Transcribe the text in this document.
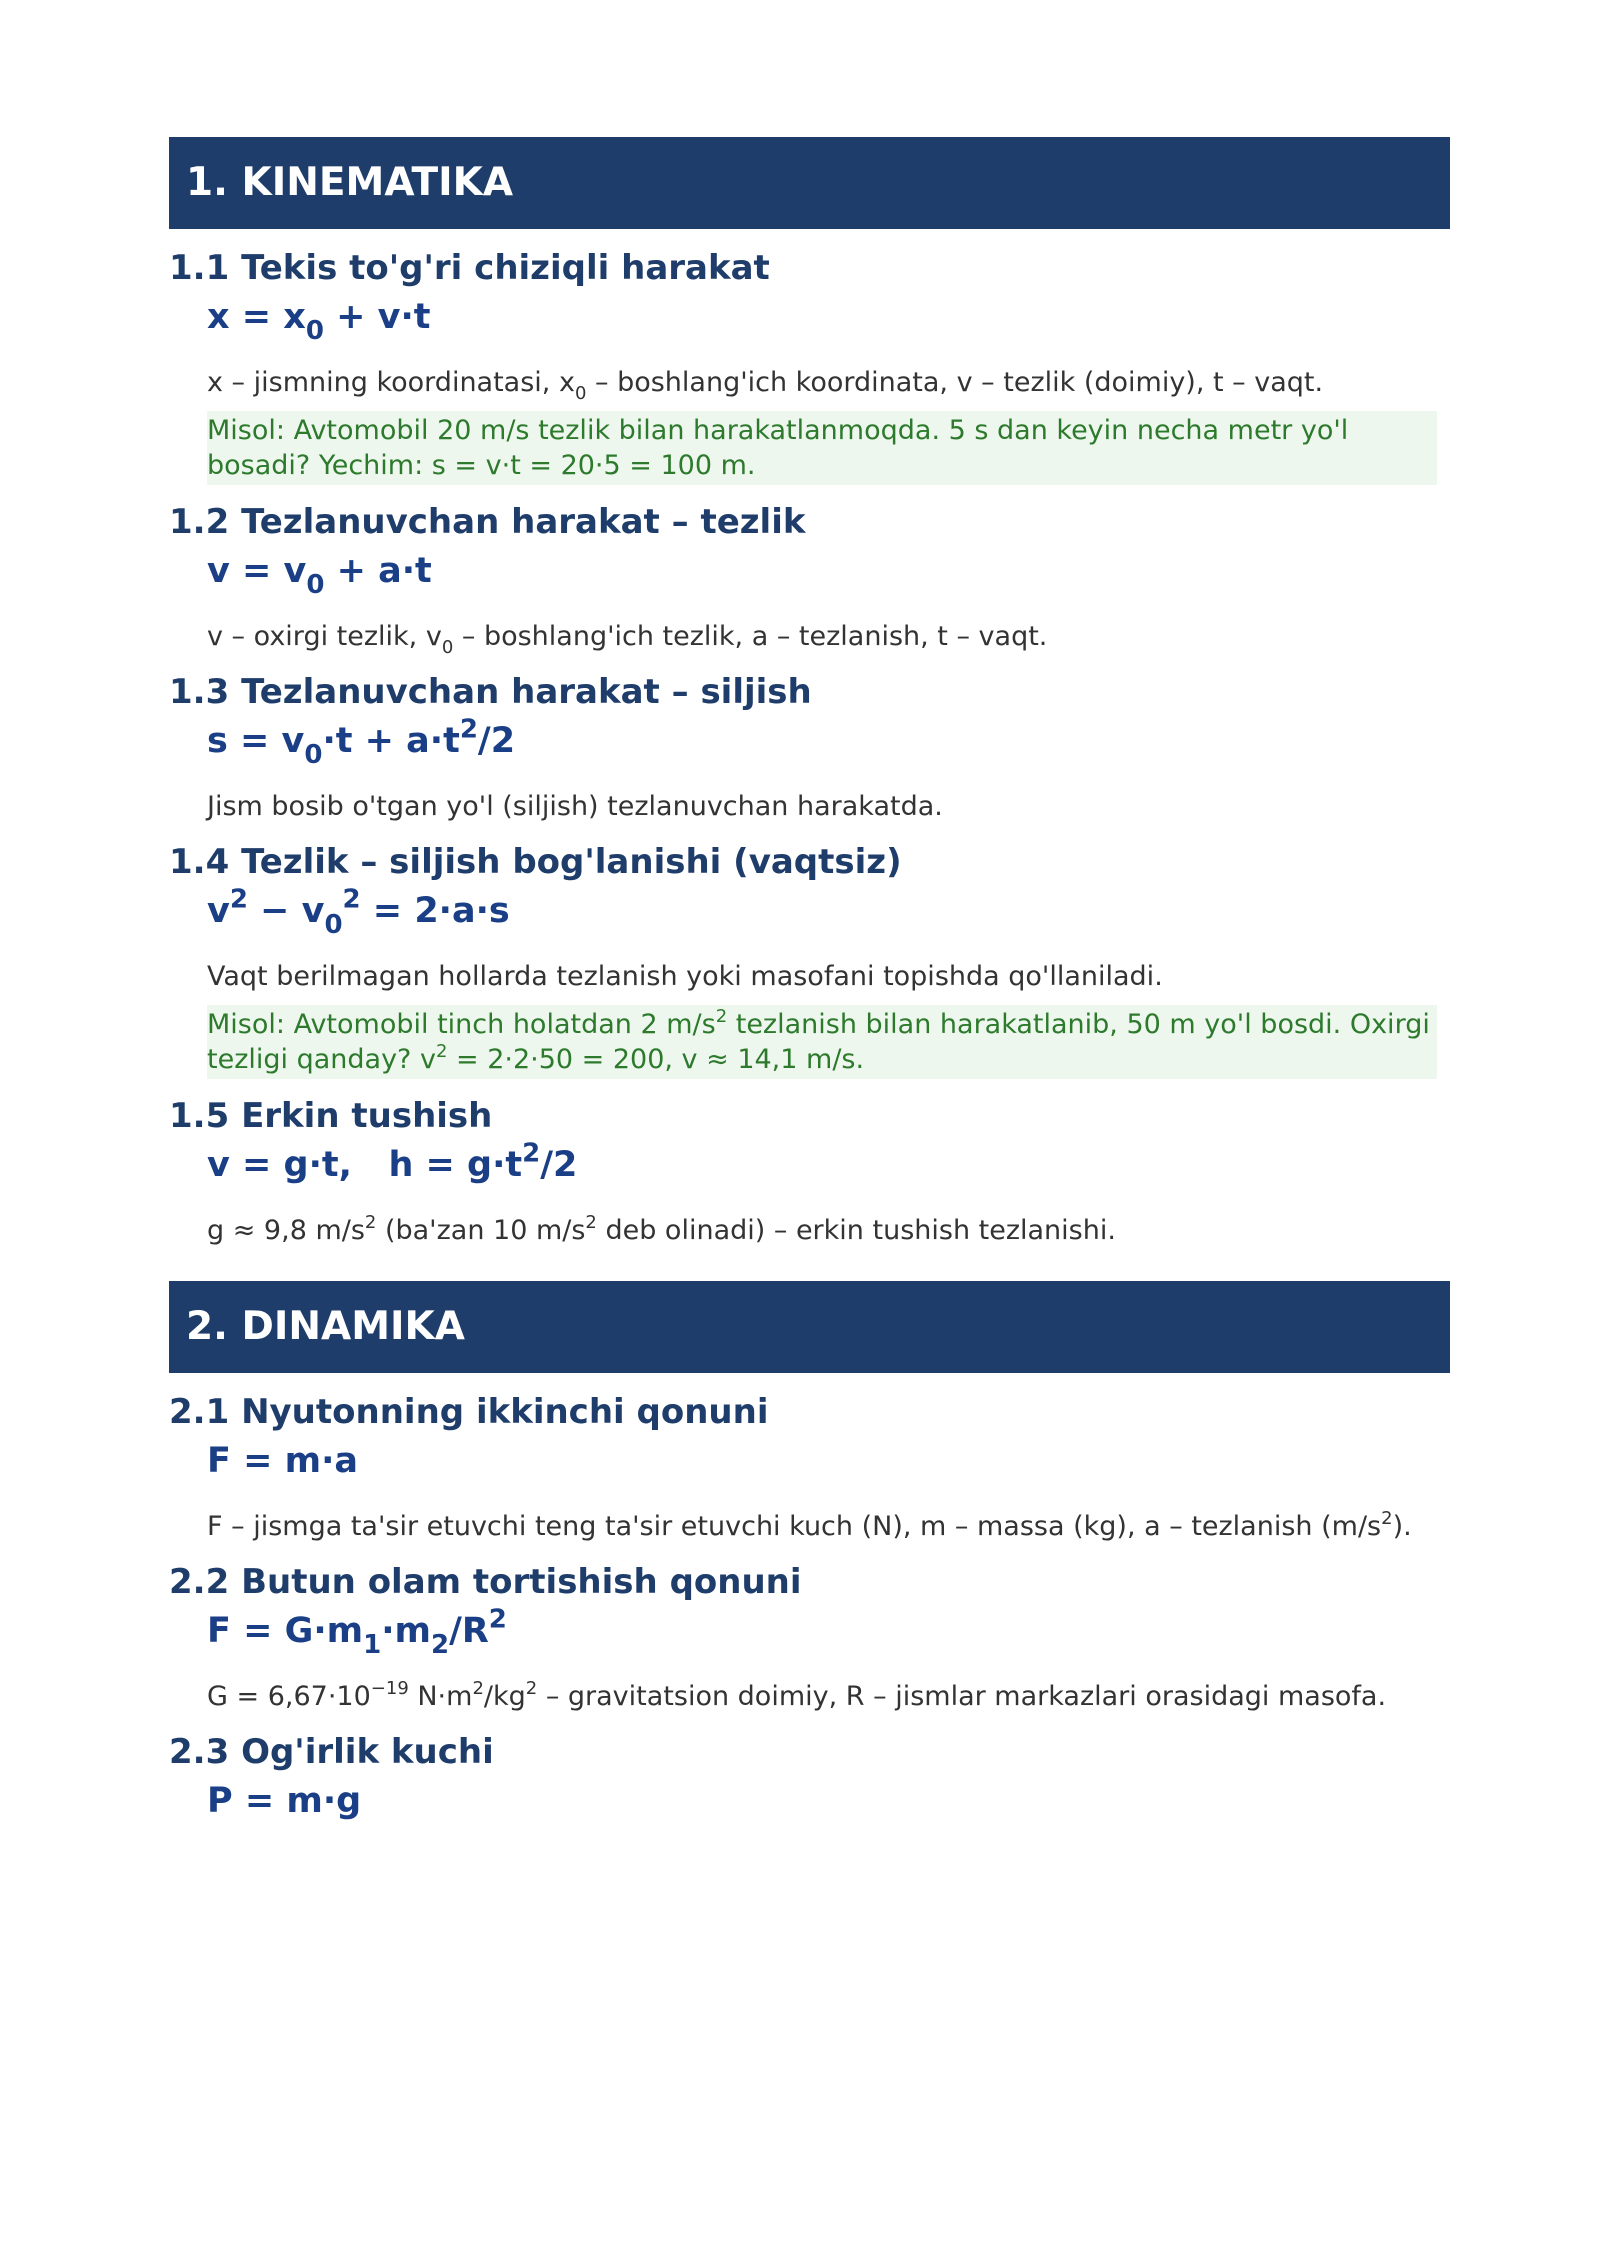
1. KINEMATIKA
1.1 Tekis to'g'ri chiziqli harakat
$x = x_0 + v\cdot t$
x – jismning koordinatasi, $x_0$ – boshlang'ich koordinata, v – tezlik (doimiy), t – vaqt.
Misol: Avtomobil 20 m/s tezlik bilan harakatlanmoqda. 5 s dan keyin necha metr yo'l bosadi? Yechim: s = v·t = 20·5 = 100 m.
1.2 Tezlanuvchan harakat – tezlik
$v = v_0 + a\cdot t$
v – oxirgi tezlik, $v_0$ – boshlang'ich tezlik, a – tezlanish, t – vaqt.
1.3 Tezlanuvchan harakat – siljish
$s = v_0\cdot t + a\cdot t^2/2$
Jism bosib o'tgan yo'l (siljish) tezlanuvchan harakatda.
1.4 Tezlik – siljish bog'lanishi (vaqtsiz)
$v^2 - v_0^2 = 2\cdot a\cdot s$
Vaqt berilmagan hollarda tezlanish yoki masofani topishda qo'llaniladi.
Misol: Avtomobil tinch holatdan 2 $m/s^2$ tezlanish bilan harakatlanib, 50 m yo'l bosdi. Oxirgi tezligi qanday? $v^2 = 2\cdot 2\cdot 50 = 200$, v ≈ 14,1 m/s.
1.5 Erkin tushish
v = g·t,   $h = g\cdot t^2/2$
g ≈ 9,8 $m/s^2$ (ba'zan 10 $m/s^2$ deb olinadi) – erkin tushish tezlanishi.
2. DINAMIKA
2.1 Nyutonning ikkinchi qonuni
F = m·a
F – jismga ta'sir etuvchi teng ta'sir etuvchi kuch (N), m – massa (kg), a – tezlanish $(m/s^2)$.
2.2 Butun olam tortishish qonuni
$F = G\cdot m_1\cdot m_2/R^2$
$G = 6,67\cdot 10^{-19}$ $N\cdot m^2/kg^2$ – gravitatsion doimiy, R – jismlar markazlari orasidagi masofa.
2.3 Og'irlik kuchi
P = m·g
